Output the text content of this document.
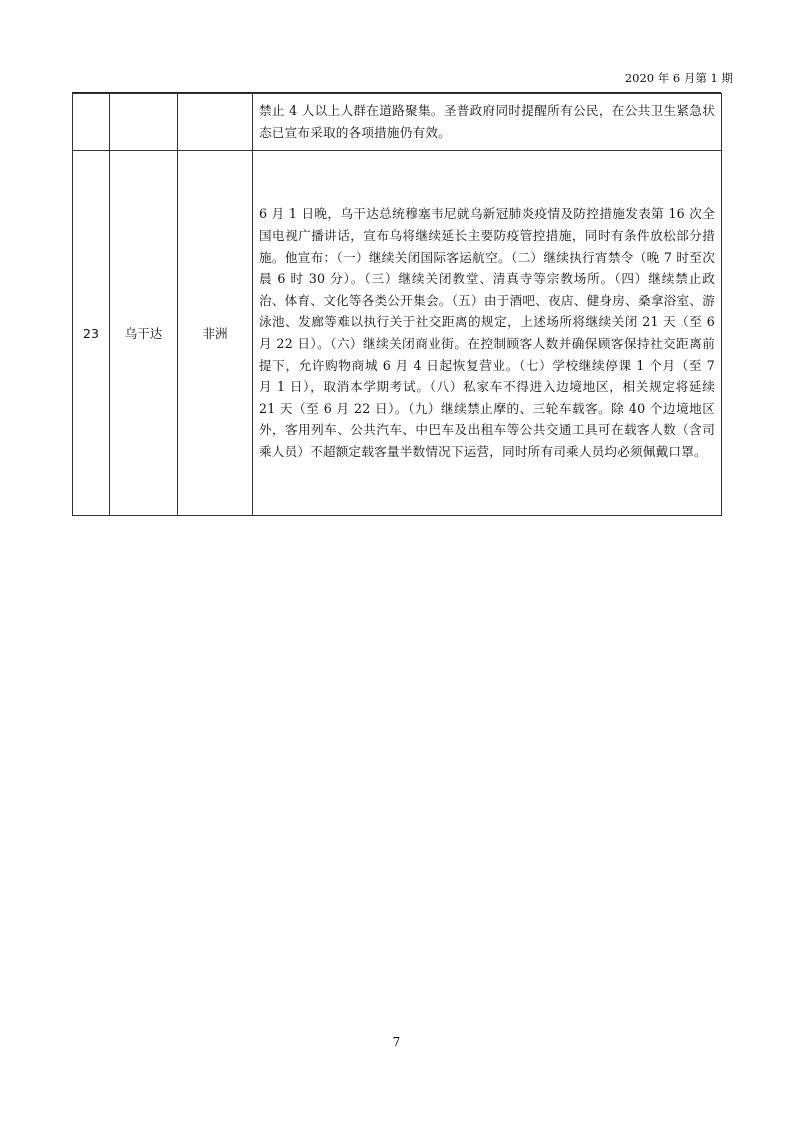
2020 年 6 月第 1 期
			禁止 4 人以上人群在道路聚集。圣普政府同时提醒所有公民，在公共卫生紧急状态已宣布采取的各项措施仍有效。
23	乌干达	非洲	6 月 1 日晚，乌干达总统穆塞韦尼就乌新冠肺炎疫情及防控措施发表第 16 次全国电视广播讲话，宣布乌将继续延长主要防疫管控措施，同时有条件放松部分措施。他宣布：（一）继续关闭国际客运航空。（二）继续执行宵禁令（晚 7 时至次晨 6 时 30 分）。（三）继续关闭教堂、清真寺等宗教场所。（四）继续禁止政治、体育、文化等各类公开集会。（五）由于酒吧、夜店、健身房、桑拿浴室、游泳池、发廊等难以执行关于社交距离的规定，上述场所将继续关闭 21 天（至 6 月 22 日）。（六）继续关闭商业街。在控制顾客人数并确保顾客保持社交距离前提下，允许购物商城 6 月 4 日起恢复营业。（七）学校继续停课 1 个月（至 7 月 1 日），取消本学期考试。（八）私家车不得进入边境地区，相关规定将延续 21 天（至 6 月 22 日）。（九）继续禁止摩的、三轮车载客。除 40 个边境地区外，客用列车、公共汽车、中巴车及出租车等公共交通工具可在载客人数（含司乘人员）不超额定载客量半数情况下运营，同时所有司乘人员均必须佩戴口罩。
7
